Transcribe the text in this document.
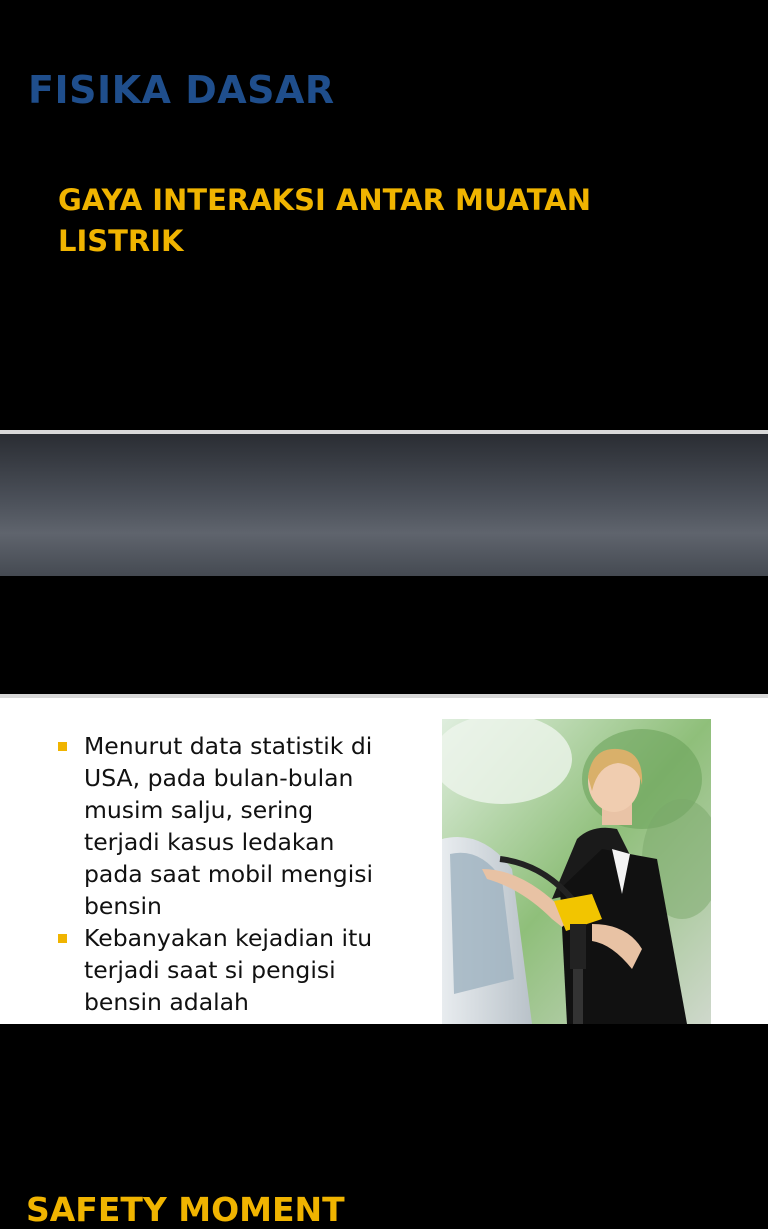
FISIKA DASAR
GAYA INTERAKSI ANTAR MUATAN LISTRIK
SAFETY MOMENT
Menurut data statistik di USA, pada bulan-bulan musim salju, sering terjadi kasus ledakan pada saat mobil mengisi bensin
Kebanyakan kejadian itu terjadi saat si pengisi bensin adalah
